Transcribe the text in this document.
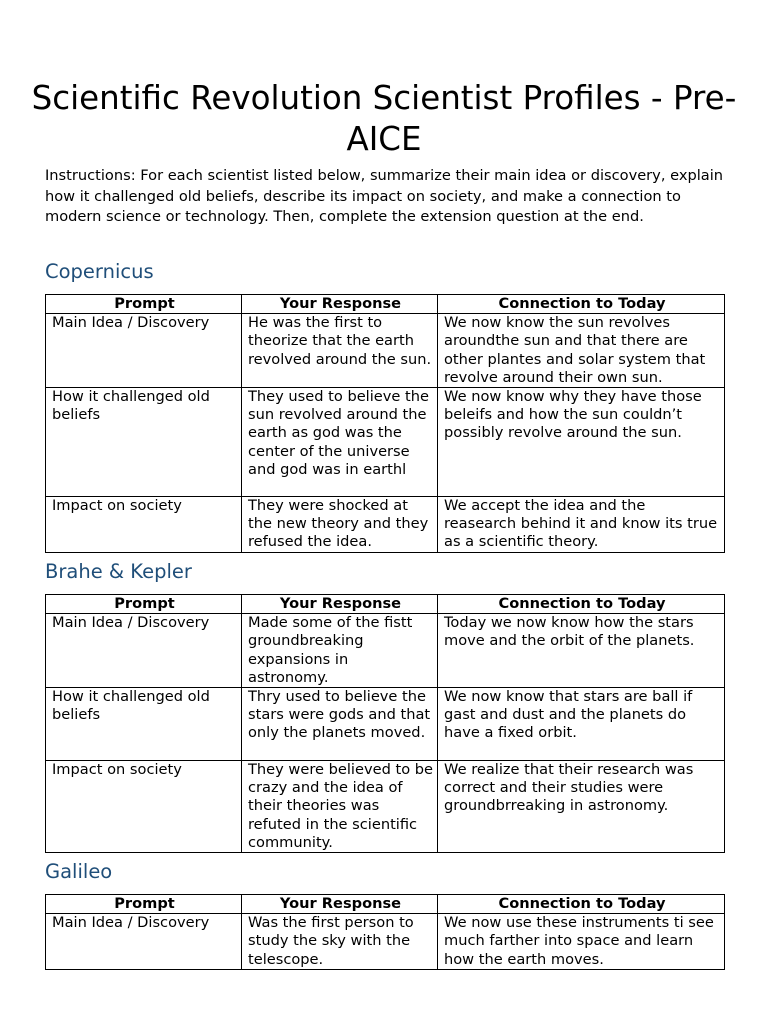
Scientific Revolution Scientist Profiles - Pre-AICE

Instructions: For each scientist listed below, summarize their main idea or discovery, explain how it challenged old beliefs, describe its impact on society, and make a connection to modern science or technology. Then, complete the extension question at the end.

Copernicus
Prompt	Your Response	Connection to Today
Main Idea / Discovery	He was the first to theorize that the earth revolved around the sun.	We now know the sun revolves aroundthe sun and that there are other plantes and solar system that revolve around their own sun.
How it challenged old beliefs	They used to believe the sun revolved around the earth as god was the center of the universe and god was in earthl	We now know why they have those beleifs and how the sun couldn’t possibly revolve around the sun.
Impact on society	They were shocked at the new theory and they refused the idea.	We accept the idea and the reasearch behind it and know its true as a scientific theory.
Brahe & Kepler
Prompt	Your Response	Connection to Today
Main Idea / Discovery	Made some of the fistt groundbreaking expansions in astronomy.	Today we now know how the stars move and the orbit of the planets.
How it challenged old beliefs	Thry used to believe the stars were gods and that only the planets moved.	We now know that stars are ball if gast and dust and the planets do have a fixed orbit.
Impact on society	They were believed to be crazy and the idea of their theories was refuted in the scientific community.	We realize that their research was correct and their studies were groundbrreaking in astronomy.
Galileo
Prompt	Your Response	Connection to Today
Main Idea / Discovery	Was the first person to study the sky with the telescope.	We now use these instruments ti see much farther into space and learn how the earth moves.
